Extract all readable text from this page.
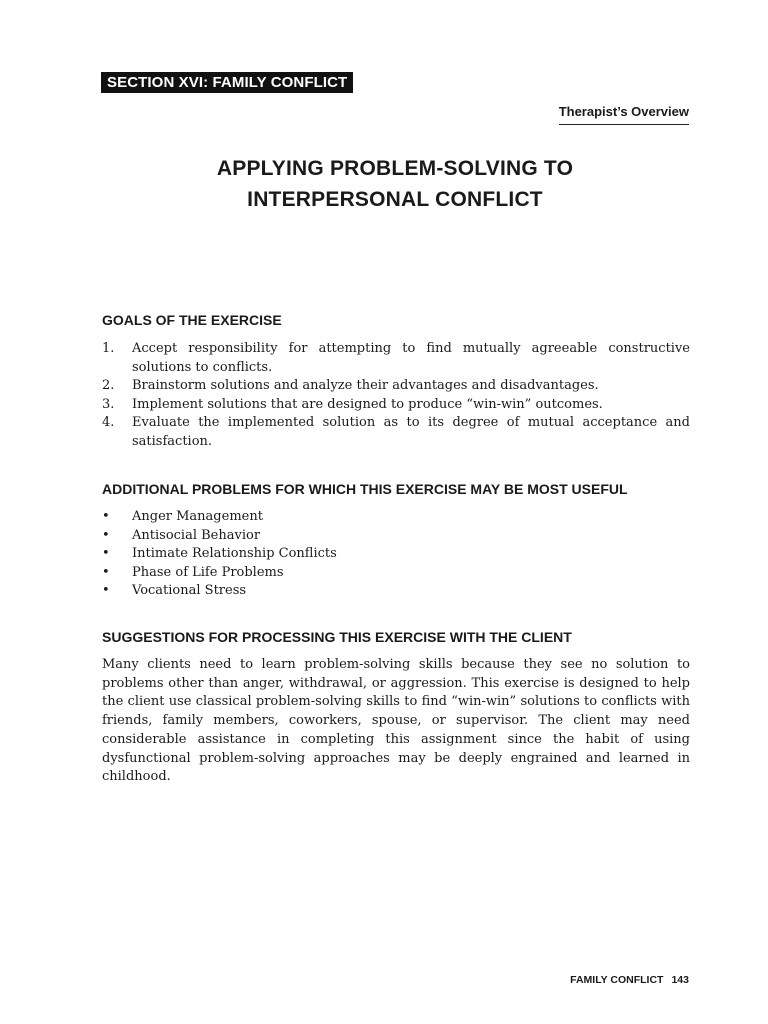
SECTION XVI: FAMILY CONFLICT
Therapist’s Overview
APPLYING PROBLEM-SOLVING TO
INTERPERSONAL CONFLICT
GOALS OF THE EXERCISE
1.	Accept responsibility for attempting to find mutually agreeable constructive solutions to conflicts.
2.	Brainstorm solutions and analyze their advantages and disadvantages.
3.	Implement solutions that are designed to produce “win-win” outcomes.
4.	Evaluate the implemented solution as to its degree of mutual acceptance and satisfaction.
ADDITIONAL PROBLEMS FOR WHICH THIS EXERCISE MAY BE MOST USEFUL
•	Anger Management
•	Antisocial Behavior
•	Intimate Relationship Conflicts
•	Phase of Life Problems
•	Vocational Stress
SUGGESTIONS FOR PROCESSING THIS EXERCISE WITH THE CLIENT

Many clients need to learn problem-solving skills because they see no solution to problems other than anger, withdrawal, or aggression. This exercise is designed to help the client use classical problem-solving skills to find “win-win” solutions to conflicts with friends, family members, coworkers, spouse, or supervisor. The client may need considerable assistance in completing this assignment since the habit of using dysfunctional problem-solving approaches may be deeply engrained and learned in childhood.

FAMILY CONFLICT 143
